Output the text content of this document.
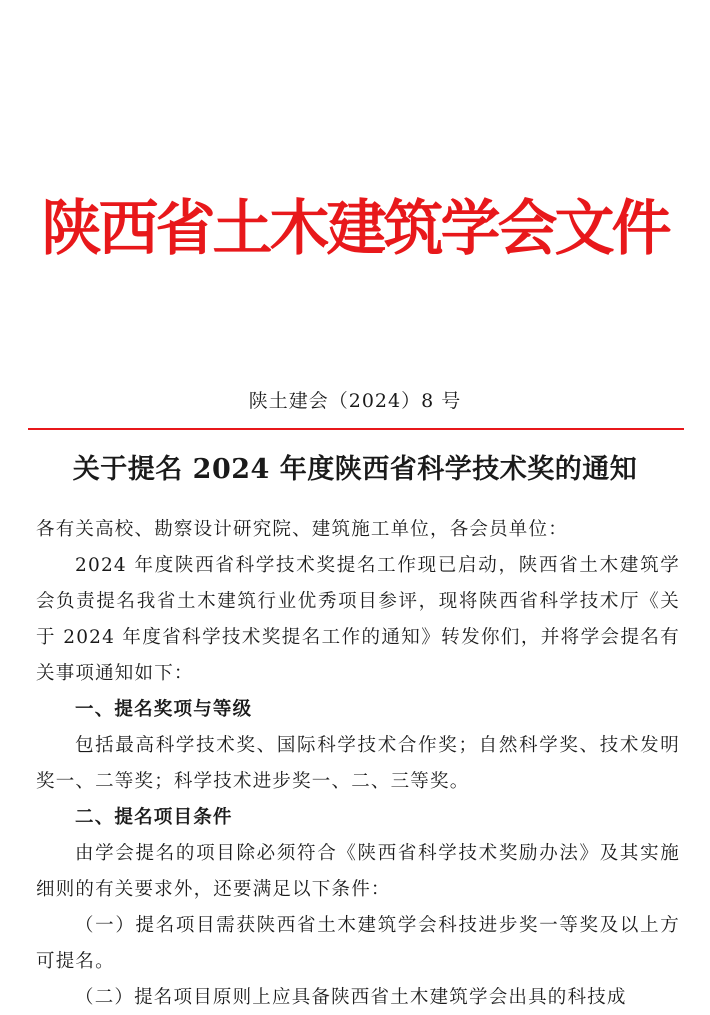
陕西省土木建筑学会文件
陕土建会（2024）8 号
关于提名 2024 年度陕西省科学技术奖的通知

各有关高校、勘察设计研究院、建筑施工单位，各会员单位：

2024 年度陕西省科学技术奖提名工作现已启动，陕西省土木建筑学会负责提名我省土木建筑行业优秀项目参评，现将陕西省科学技术厅《关于 2024 年度省科学技术奖提名工作的通知》转发你们，并将学会提名有关事项通知如下：

一、提名奖项与等级

包括最高科学技术奖、国际科学技术合作奖；自然科学奖、技术发明奖一、二等奖；科学技术进步奖一、二、三等奖。

二、提名项目条件

由学会提名的项目除必须符合《陕西省科学技术奖励办法》及其实施细则的有关要求外，还要满足以下条件：

（一）提名项目需获陕西省土木建筑学会科技进步奖一等奖及以上方可提名。

（二）提名项目原则上应具备陕西省土木建筑学会出具的科技成
